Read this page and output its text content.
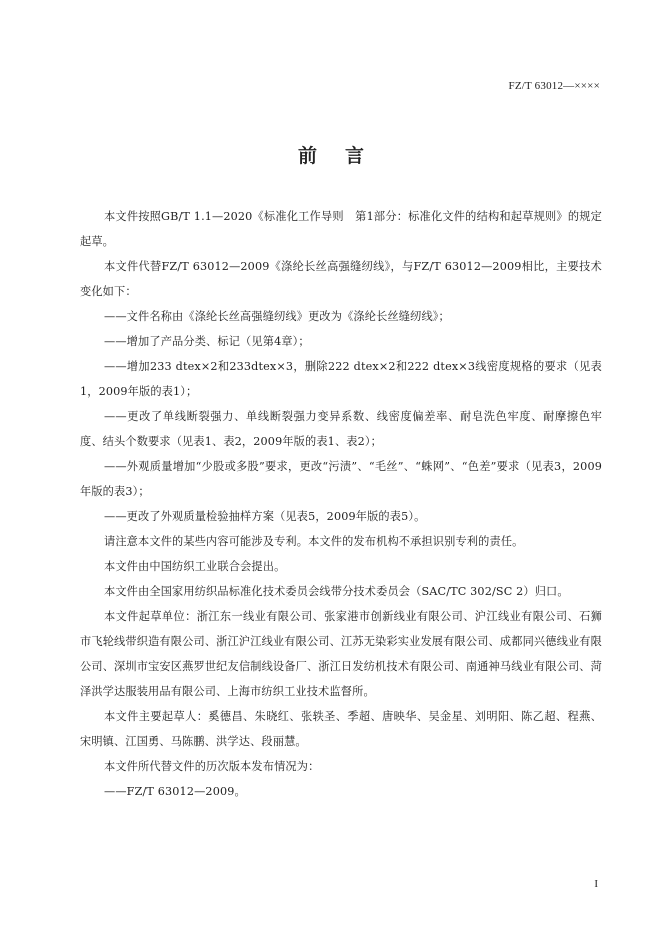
FZ/T 63012—××××
前言

本文件按照GB/T 1.1—2020《标准化工作导则　第1部分：标准化文件的结构和起草规则》的规定起草。

本文件代替FZ/T 63012—2009《涤纶长丝高强缝纫线》，与FZ/T 63012—2009相比，主要技术变化如下：

——文件名称由《涤纶长丝高强缝纫线》更改为《涤纶长丝缝纫线》；

——增加了产品分类、标记（见第4章）；

——增加233 dtex×2和233dtex×3，删除222 dtex×2和222 dtex×3线密度规格的要求（见表1，2009年版的表1）；

——更改了单线断裂强力、单线断裂强力变异系数、线密度偏差率、耐皂洗色牢度、耐摩擦色牢度、结头个数要求（见表1、表2，2009年版的表1、表2）；

——外观质量增加“少股或多股”要求，更改“污渍”、“毛丝”、“蛛网”、“色差”要求（见表3，2009年版的表3）；

——更改了外观质量检验抽样方案（见表5，2009年版的表5）。

请注意本文件的某些内容可能涉及专利。本文件的发布机构不承担识别专利的责任。

本文件由中国纺织工业联合会提出。

本文件由全国家用纺织品标准化技术委员会线带分技术委员会（SAC/TC 302/SC 2）归口。

本文件起草单位：浙江东一线业有限公司、张家港市创新线业有限公司、沪江线业有限公司、石狮市飞轮线带织造有限公司、浙江沪江线业有限公司、江苏无染彩实业发展有限公司、成都同兴德线业有限公司、深圳市宝安区燕罗世纪友信制线设备厂、浙江日发纺机技术有限公司、南通神马线业有限公司、菏泽洪学达服装用品有限公司、上海市纺织工业技术监督所。

本文件主要起草人：奚德昌、朱晓红、张轶圣、季超、唐映华、吴金星、刘明阳、陈乙超、程燕、宋明镇、江国勇、马陈鹏、洪学达、段丽慧。

本文件所代替文件的历次版本发布情况为：

——FZ/T 63012—2009。

I
